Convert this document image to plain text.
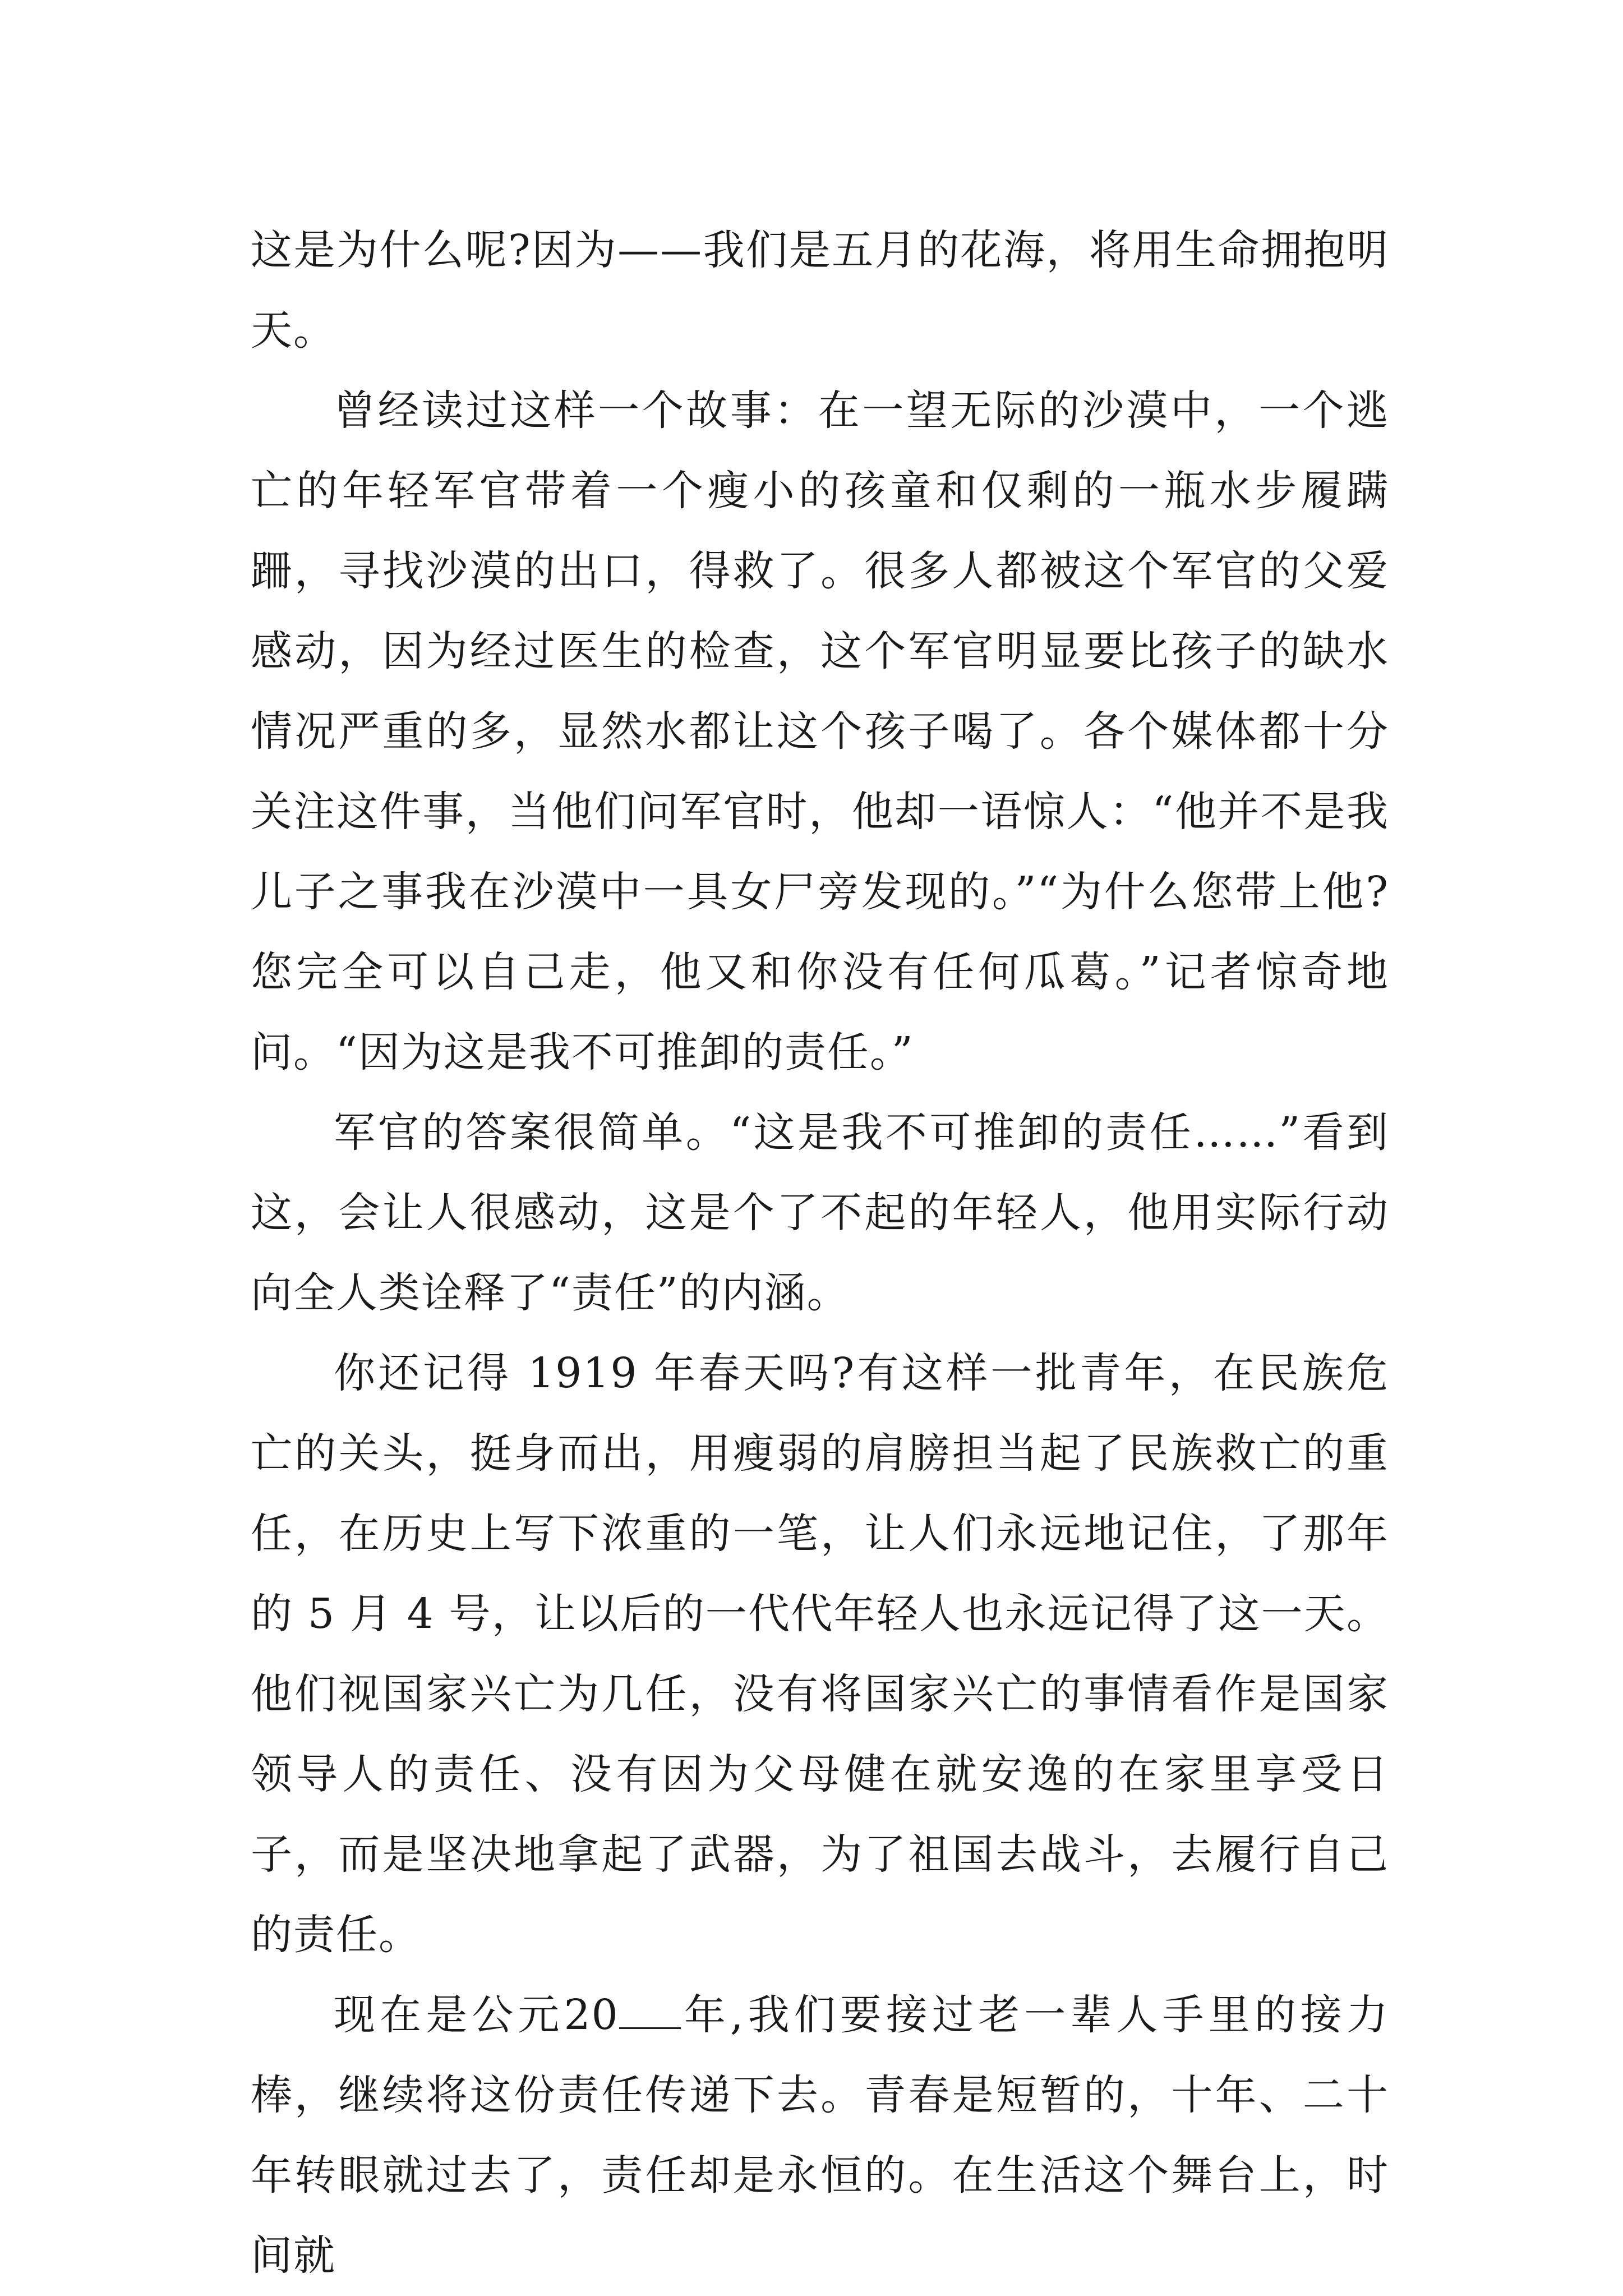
这是为什么呢?因为——我们是五月的花海，将用生命拥抱明天。

曾经读过这样一个故事：在一望无际的沙漠中，一个逃亡的年轻军官带着一个瘦小的孩童和仅剩的一瓶水步履蹒跚，寻找沙漠的出口，得救了。很多人都被这个军官的父爱感动，因为经过医生的检查，这个军官明显要比孩子的缺水情况严重的多，显然水都让这个孩子喝了。各个媒体都十分关注这件事，当他们问军官时，他却一语惊人：“他并不是我儿子之事我在沙漠中一具女尸旁发现的。”“为什么您带上他?您完全可以自己走，他又和你没有任何瓜葛。”记者惊奇地问。“因为这是我不可推卸的责任。”

军官的答案很简单。“这是我不可推卸的责任……”看到这，会让人很感动，这是个了不起的年轻人，他用实际行动向全人类诠释了“责任”的内涵。

你还记得 1919 年春天吗?有这样一批青年，在民族危亡的关头，挺身而出，用瘦弱的肩膀担当起了民族救亡的重任，在历史上写下浓重的一笔，让人们永远地记住，了那年的 5 月 4 号，让以后的一代代年轻人也永远记得了这一天。他们视国家兴亡为几任，没有将国家兴亡的事情看作是国家领导人的责任、没有因为父母健在就安逸的在家里享受日子，而是坚决地拿起了武器，为了祖国去战斗，去履行自己的责任。

现在是公元20 年,我们要接过老一辈人手里的接力棒，继续将这份责任传递下去。青春是短暂的，十年、二十年转眼就过去了，责任却是永恒的。在生活这个舞台上，时间就
